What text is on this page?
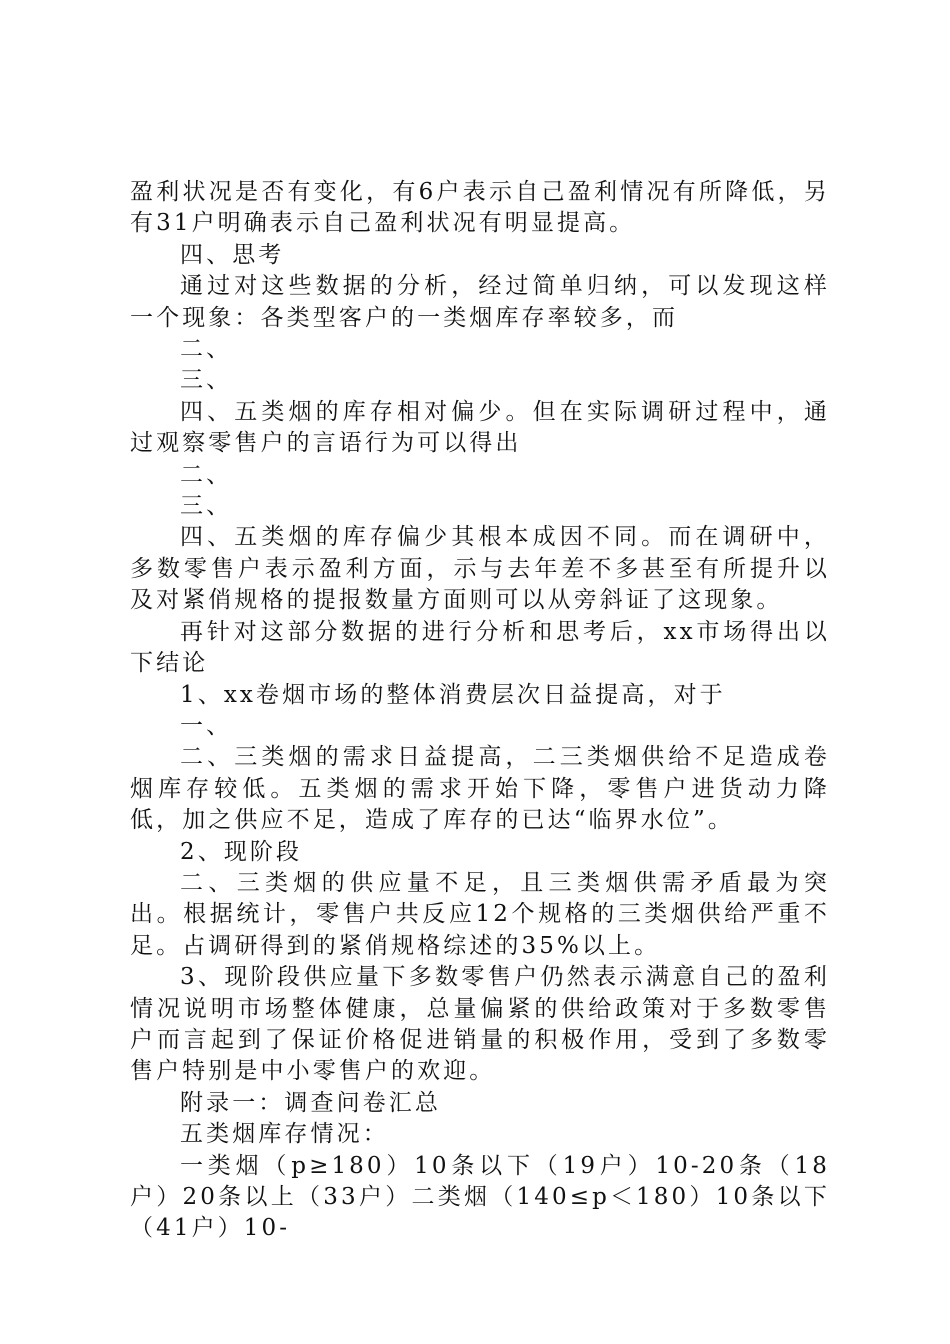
盈利状况是否有变化，有6户表示自己盈利情况有所降低，另有31户明确表示自己盈利状况有明显提高。

四、思考

通过对这些数据的分析，经过简单归纳，可以发现这样一个现象：各类型客户的一类烟库存率较多，而

二、

三、

四、五类烟的库存相对偏少。但在实际调研过程中，通过观察零售户的言语行为可以得出

二、

三、

四、五类烟的库存偏少其根本成因不同。而在调研中，多数零售户表示盈利方面，示与去年差不多甚至有所提升以及对紧俏规格的提报数量方面则可以从旁斜证了这现象。

再针对这部分数据的进行分析和思考后，xx市场得出以下结论

1、xx卷烟市场的整体消费层次日益提高，对于

一、

二、三类烟的需求日益提高，二三类烟供给不足造成卷烟库存较低。五类烟的需求开始下降，零售户进货动力降低，加之供应不足，造成了库存的已达“临界水位”。

2、现阶段

二、三类烟的供应量不足，且三类烟供需矛盾最为突出。根据统计，零售户共反应12个规格的三类烟供给严重不足。占调研得到的紧俏规格综述的35%以上。

3、现阶段供应量下多数零售户仍然表示满意自己的盈利情况说明市场整体健康，总量偏紧的供给政策对于多数零售户而言起到了保证价格促进销量的积极作用，受到了多数零售户特别是中小零售户的欢迎。

附录一：调查问卷汇总

五类烟库存情况：

一类烟（p≥180）10条以下（19户）10-20条（18户）20条以上（33户）二类烟（140≤p＜180）10条以下（41户）10-
